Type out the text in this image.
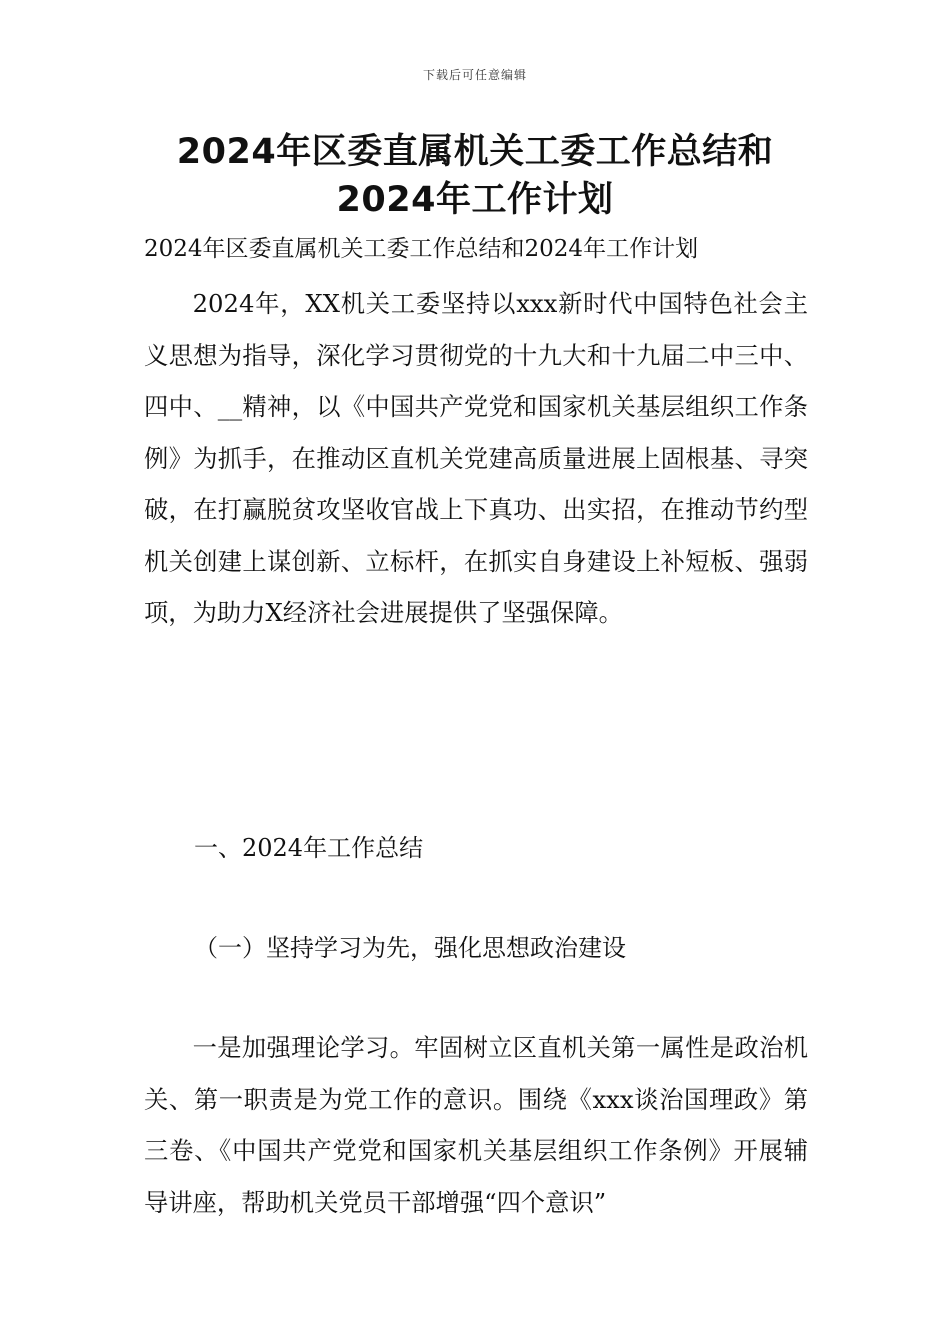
下载后可任意编辑
2024年区委直属机关工委工作总结和2024年工作计划
2024年区委直属机关工委工作总结和2024年工作计划

2024年，XX机关工委坚持以xxx新时代中国特色社会主义思想为指导，深化学习贯彻党的十九大和十九届二中三中、四中、__精神，以《中国共产党党和国家机关基层组织工作条例》为抓手，在推动区直机关党建高质量进展上固根基、寻突破，在打赢脱贫攻坚收官战上下真功、出实招，在推动节约型机关创建上谋创新、立标杆，在抓实自身建设上补短板、强弱项，为助力X经济社会进展提供了坚强保障。

一、2024年工作总结
（一）坚持学习为先，强化思想政治建设

一是加强理论学习。牢固树立区直机关第一属性是政治机关、第一职责是为党工作的意识。围绕《xxx谈治国理政》第三卷、《中国共产党党和国家机关基层组织工作条例》开展辅导讲座，帮助机关党员干部增强“四个意识”
